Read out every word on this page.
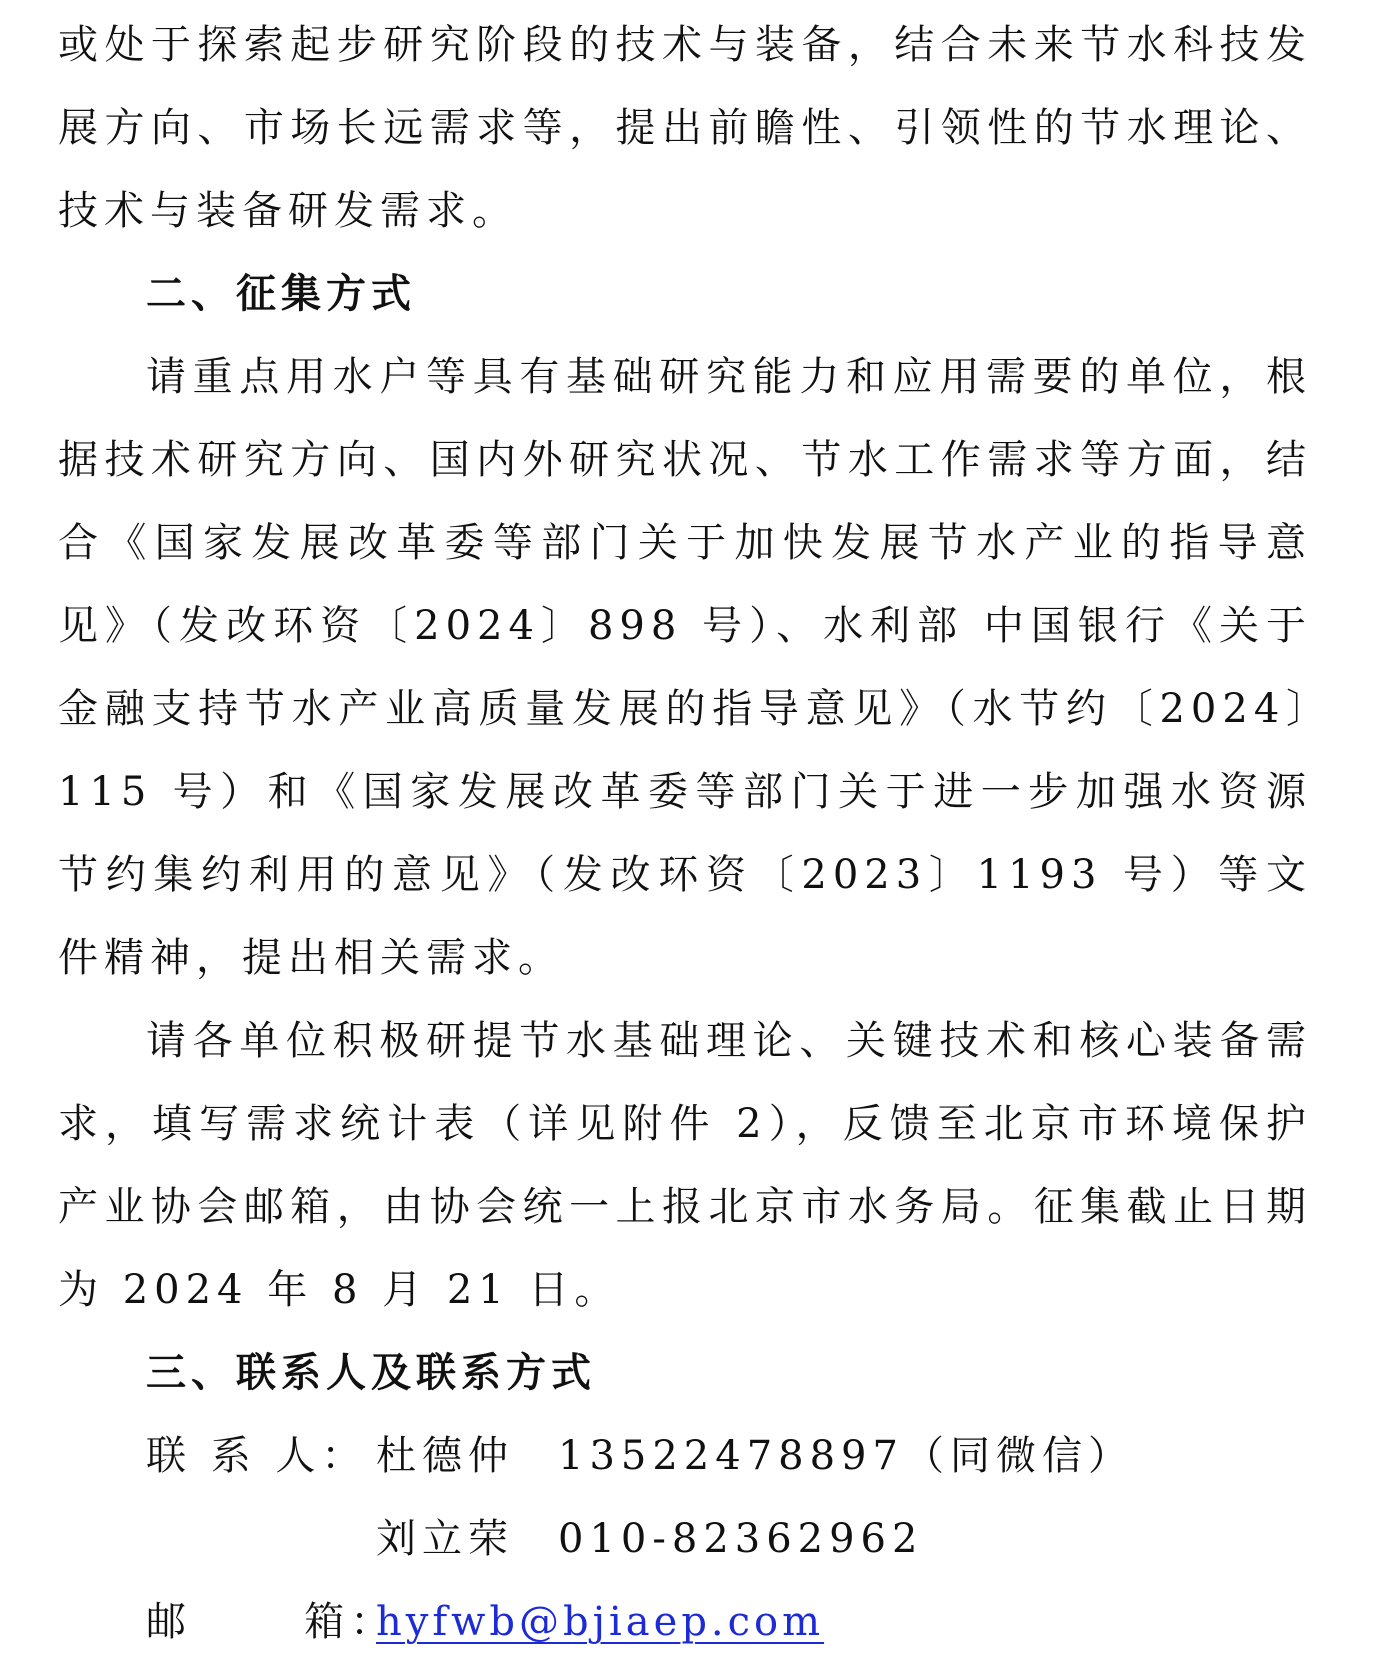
或处于探索起步研究阶段的技术与装备，结合未来节水科技发展方向、市场长远需求等，提出前瞻性、引领性的节水理论、技术与装备研发需求。

二、征集方式

请重点用水户等具有基础研究能力和应用需要的单位，根据技术研究方向、国内外研究状况、节水工作需求等方面，结合《国家发展改革委等部门关于加快发展节水产业的指导意见》（发改环资〔2024〕898 号）、水利部 中国银行《关于金融支持节水产业高质量发展的指导意见》（水节约〔2024〕115 号）和《国家发展改革委等部门关于进一步加强水资源节约集约利用的意见》（发改环资〔2023〕1193 号）等文件精神，提出相关需求。

请各单位积极研提节水基础理论、关键技术和核心装备需求，填写需求统计表（详见附件 2），反馈至北京市环境保护产业协会邮箱，由协会统一上报北京市水务局。征集截止日期为 2024 年 8 月 21 日。

三、联系人及联系方式
联 系 人： 杜德仲	13522478897（同微信）
刘立荣	010-82362962
邮      箱：
hyfwb@bjiaep.com
